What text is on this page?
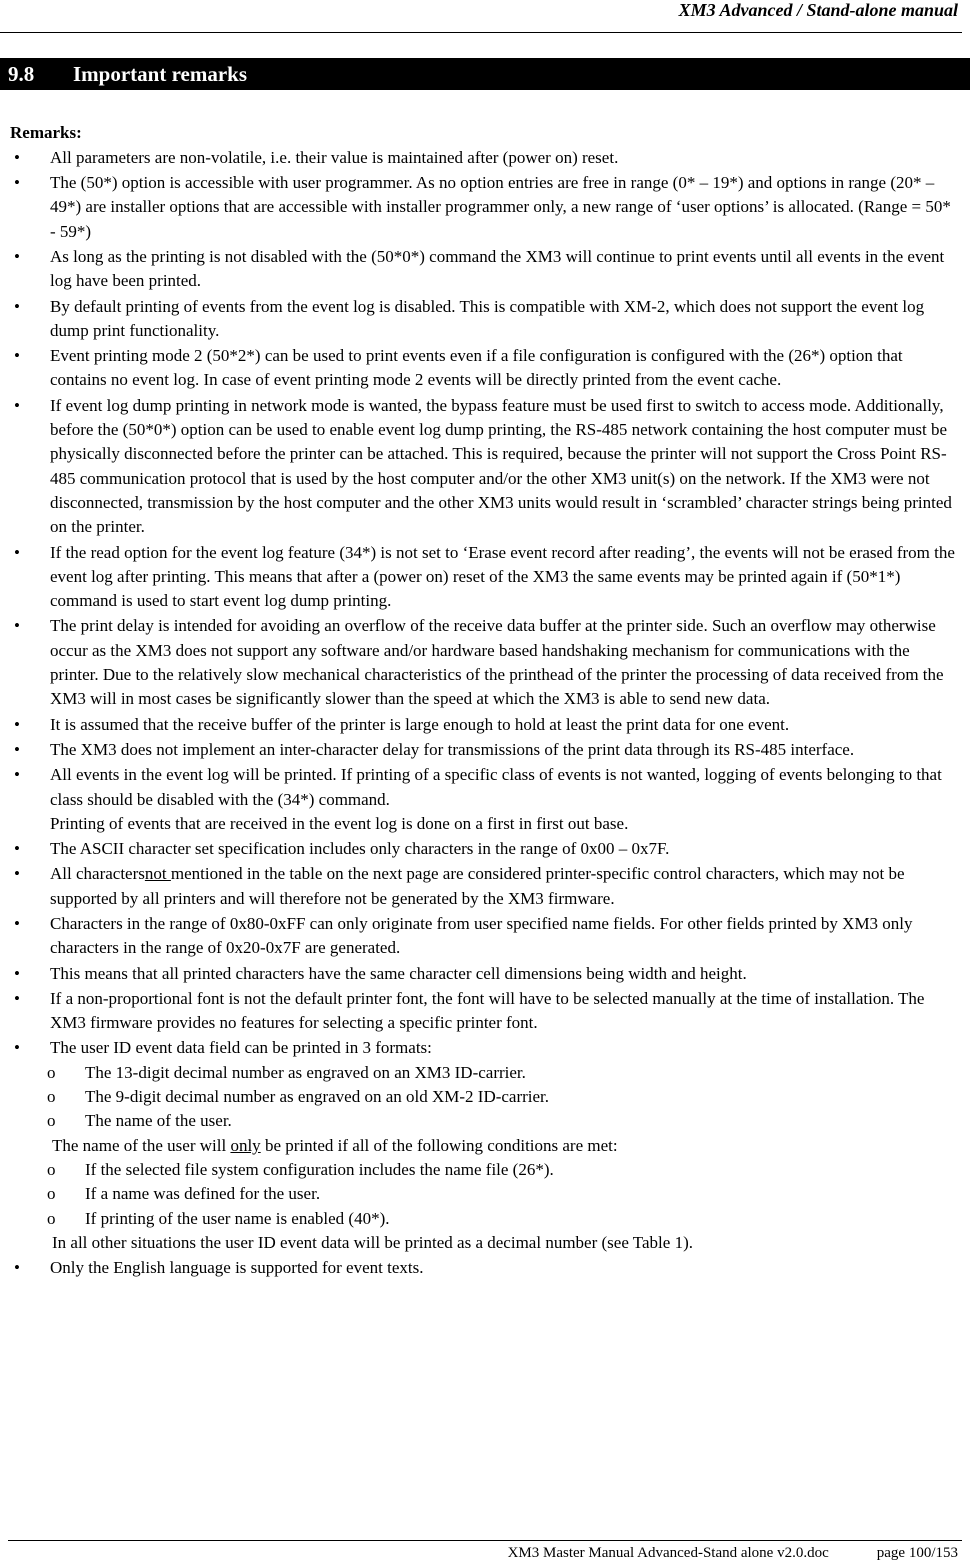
XM3 Advanced / Stand-alone manual
9.8 Important remarks
Remarks:
• All parameters are non-volatile, i.e. their value is maintained after (power on) reset.
• The (50*) option is accessible with user programmer. As no option entries are free in range (0* – 19*) and options in range (20* – 49*) are installer options that are accessible with installer programmer only, a new range of ‘user options’ is allocated. (Range = 50* - 59*)
• As long as the printing is not disabled with the (50*0*) command the XM3 will continue to print events until all events in the event log have been printed.
• By default printing of events from the event log is disabled. This is compatible with XM-2, which does not support the event log dump print functionality.
• Event printing mode 2 (50*2*) can be used to print events even if a file configuration is configured with the (26*) option that contains no event log. In case of event printing mode 2 events will be directly printed from the event cache.
• If event log dump printing in network mode is wanted, the bypass feature must be used first to switch to access mode. Additionally, before the (50*0*) option can be used to enable event log dump printing, the RS-485 network containing the host computer must be physically disconnected before the printer can be attached. This is required, because the printer will not support the Cross Point RS-485 communication protocol that is used by the host computer and/or the other XM3 unit(s) on the network. If the XM3 were not disconnected, transmission by the host computer and the other XM3 units would result in ‘scrambled’ character strings being printed on the printer.
• If the read option for the event log feature (34*) is not set to ‘Erase event record after reading’, the events will not be erased from the event log after printing. This means that after a (power on) reset of the XM3 the same events may be printed again if (50*1*) command is used to start event log dump printing.
• The print delay is intended for avoiding an overflow of the receive data buffer at the printer side. Such an overflow may otherwise occur as the XM3 does not support any software and/or hardware based handshaking mechanism for communications with the printer. Due to the relatively slow mechanical characteristics of the printhead of the printer the processing of data received from the XM3 will in most cases be significantly slower than the speed at which the XM3 is able to send new data.
• It is assumed that the receive buffer of the printer is large enough to hold at least the print data for one event.
• The XM3 does not implement an inter-character delay for transmissions of the print data through its RS-485 interface.
• All events in the event log will be printed. If printing of a specific class of events is not wanted, logging of events belonging to that class should be disabled with the (34*) command.
Printing of events that are received in the event log is done on a first in first out base.
• The ASCII character set specification includes only characters in the range of 0x00 – 0x7F.
• All charactersnot mentioned in the table on the next page are considered printer-specific control characters, which may not be supported by all printers and will therefore not be generated by the XM3 firmware.
• Characters in the range of 0x80-0xFF can only originate from user specified name fields. For other fields printed by XM3 only characters in the range of 0x20-0x7F are generated.
• This means that all printed characters have the same character cell dimensions being width and height.
• If a non-proportional font is not the default printer font, the font will have to be selected manually at the time of installation. The XM3 firmware provides no features for selecting a specific printer font.
• The user ID event data field can be printed in 3 formats:
o The 13-digit decimal number as engraved on an XM3 ID-carrier.
o The 9-digit decimal number as engraved on an old XM-2 ID-carrier.
o The name of the user.
The name of the user will only be printed if all of the following conditions are met:
o If the selected file system configuration includes the name file (26*).
o If a name was defined for the user.
o If printing of the user name is enabled (40*).
In all other situations the user ID event data will be printed as a decimal number (see Table 1).
• Only the English language is supported for event texts.
XM3 Master Manual Advanced-Stand alone v2.0.doc	page 100/153
